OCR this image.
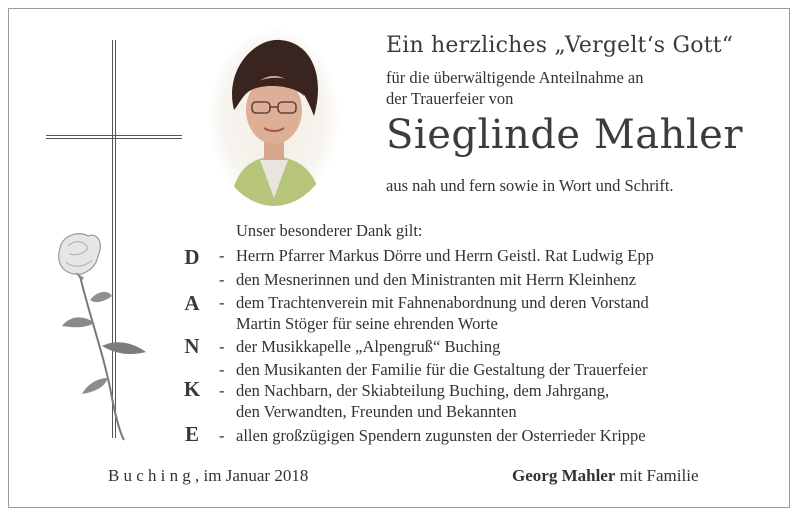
Ein herzliches „Vergelt‘s Gott“
für die überwältigende Anteilnahme an
der Trauerfeier von
Sieglinde Mahler
aus nah und fern sowie in Wort und Schrift.
Unser besonderer Dank gilt:
D
A
N
K
E
- Herrn Pfarrer Markus Dörre und Herrn Geistl. Rat Ludwig Epp
- den Mesnerinnen und den Ministranten mit Herrn Kleinhenz
- dem Trachtenverein mit Fahnenabordnung und deren Vorstand
Martin Stöger für seine ehrenden Worte
- der Musikkapelle „Alpengruß“ Buching
- den Musikanten der Familie für die Gestaltung der Trauerfeier
- den Nachbarn, der Skiabteilung Buching, dem Jahrgang,
den Verwandten, Freunden und Bekannten
- allen großzügigen Spendern zugunsten der Osterrieder Krippe
Buching, im Januar 2018	Georg Mahler mit Familie
